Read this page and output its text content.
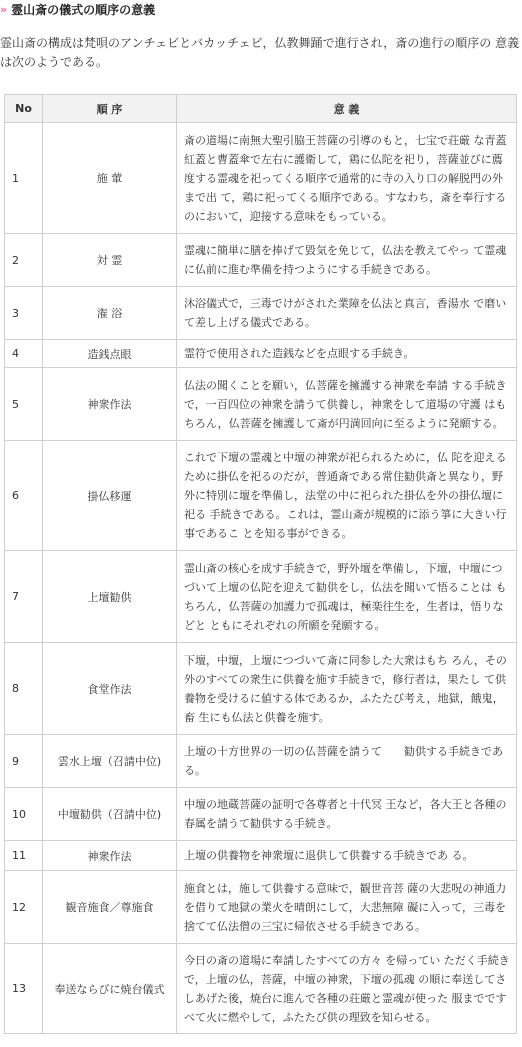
» 霊山斎の儀式の順序の意義
霊山斎の構成は梵唄のアンチェビとバカッチェビ，仏教舞踊で進行され，斎の進行の順序の 意義は次のようである。
No	順 序	意 義
1	施 葷	斎の道場に南無大聖引脇王菩薩の引導のもと，七宝で荘厳 な青蓋紅蓋と曹蓋傘で左右に護衛して，鶏に仏陀を祀り，菩薩並びに薦度する霊魂を祀ってくる順序で通常的に寺の入り口の解脱門の外まで出 て，鶏に祀ってくる順序である。すなわち，斎を奉行するのにおいて，迎接する意味をもっている。
2	対 霊	霊魂に簡単に膳を捧げて毀気を免じて，仏法を教えてやっ て霊魂に仏前に進む準備を持つようにする手続きである。
3	潅 浴	沐浴儀式で，三毒でけがされた業障を仏法と真言，香湯水 で磨いて差し上げる儀式である。
4	造銭点眼	霊符で使用された造銭などを点眼する手続き。
5	神衆作法	仏法の聞くことを願い，仏菩薩を擁護する神衆を奉請 する手続きで，一百四位の神衆を請うて供養し，神衆をして道場の守護 はもちろん，仏菩薩を擁護して斎が円満回向に至るように発願する。
6	掛仏移運	これで下壇の霊魂と中壇の神衆が祀られるために，仏 陀を迎えるために掛仏を祀るのだが，普通斎である常住勧供斎と異なり，野外に特別に壇を準備し，法堂の中に祀られた掛仏を外の掛仏壇に祀る 手続きである。これは，霊山斎が規模的に添う箏に大きい行事であるこ とを知る事ができる。
7	上壇勧供	霊山斎の核心を成す手続きで，野外壇を準備し，下壇，中壇につづいて上壇の仏陀を迎えて勧供をし，仏法を聞いて悟ることは もちろん，仏菩薩の加護力で孤魂は，極楽往生を，生者は，悟りなどと ともにそれぞれの所願を発願する。
8	食堂作法	下壇，中壇，上壇につづいて斎に同参した大衆はもち ろん，その外のすべての衆生に供養を施す手続きで，修行者は，果たし て供養物を受けるに値する体であるか，ふたたび考え，地獄，餓鬼，畜 生にも仏法と供養を施す。
9	雲水上壇（召請中位)	上壇の十方世界の一切の仏菩薩を請うて　　勧供する手続きである。
10	中壇勧供（召請中位)	中壇の地蔵菩薩の証明で各尊者と十代冥 王など，各大王と各種の春属を請うて勧供する手続き。
11	神衆作法	上壇の供養物を神衆壇に退供して供養する手続きであ る。
12	観音施食／尊施食	施食とは，施して供養する意味で，観世音菩 薩の大悲呪の神通力を借りて地獄の業火を晴朗にして，大悲無障 礙に入って，三毒を捨てて仏法僧の三宝に帰依させる手続きである。
13	奉送ならびに焼台儀式	今日の斎の道場に奉請したすべての方々 を帰ってい ただく手続きで，上壇の仏，菩薩，中壇の神衆，下壇の孤魂 の順に奉送してさしあげた後，焼台に進んで各種の荘厳と霊魂が使った 服までですべて火に燃やして，ふたたび供の理致を知らせる。
